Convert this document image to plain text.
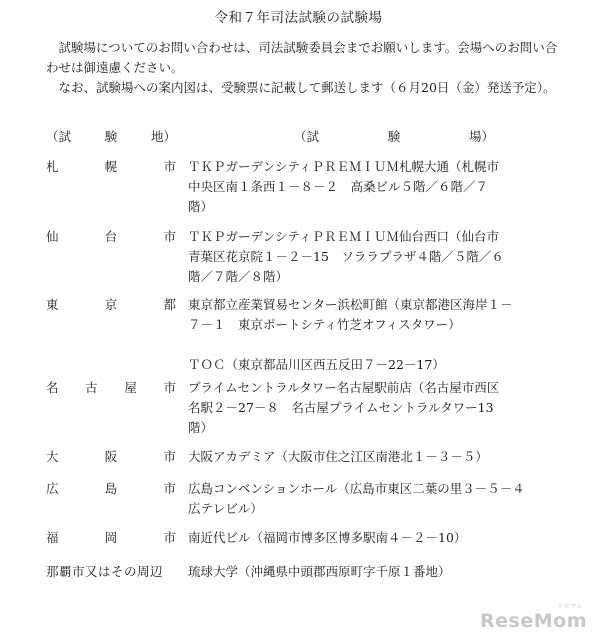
令和７年司法試験の試験場

試験場についてのお問い合わせは、司法試験委員会までお願いします。会場へのお問い合わせは御遠慮ください。

なお、試験場への案内図は、受験票に記載して郵送します（６月20日（金）発送予定）。

（試	験	地）	（試	験	場）
札	幌	市 ＴＫＰガーデンシティＰＲＥＭＩＵＭ札幌大通（札幌市
中央区南１条西１－８－２　高桑ビル５階／６階／７
階）
仙	台	市 ＴＫＰガーデンシティＰＲＥＭＩＵＭ仙台西口（仙台市
青葉区花京院１－２－15　ソララプラザ４階／５階／６
階／７階／８階）
東	京	都 東京都立産業貿易センター浜松町館（東京都港区海岸１－
７－１　東京ポートシティ竹芝オフィスタワー）
ＴＯＣ（東京都品川区西五反田７－22－17）
名 古 屋 市 プライムセントラルタワー名古屋駅前店（名古屋市西区
名駅２－27－８　名古屋プライムセントラルタワー13
階）
大	阪	市 大阪アカデミア（大阪市住之江区南港北１－３－５）
広	島	市 広島コンベンションホール（広島市東区二葉の里３－５－４
広テレビル）
福	岡	市 南近代ビル（福岡市博多区博多駅南４－２－10）
那覇市又はその周辺	琉球大学（沖縄県中頭郡西原町字千原１番地）
リセマム
ReseMom
